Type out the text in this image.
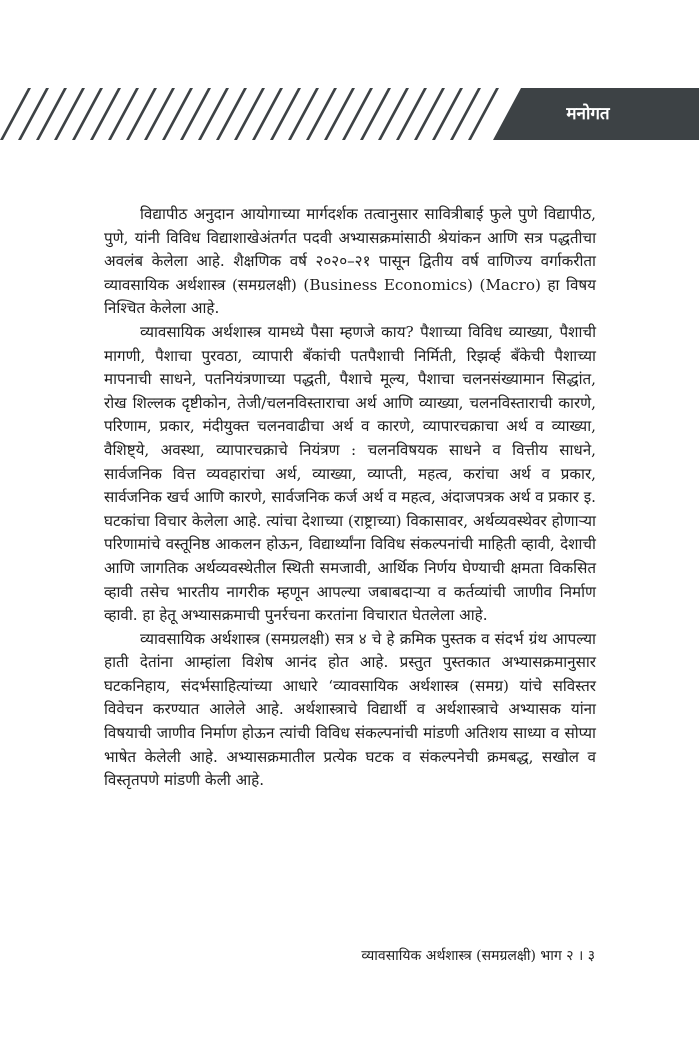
मनोगत

विद्यापीठ अनुदान आयोगाच्या मार्गदर्शक तत्वानुसार सावित्रीबाई फुले पुणे विद्यापीठ, पुणे, यांनी विविध विद्याशाखेअंतर्गत पदवी अभ्यासक्रमांसाठी श्रेयांकन आणि सत्र पद्धतीचा अवलंब केलेला आहे. शैक्षणिक वर्ष २०२०–२१ पासून द्वितीय वर्ष वाणिज्य वर्गाकरीता व्यावसायिक अर्थशास्त्र (समग्रलक्षी) (Business Economics) (Macro) हा विषय निश्चित केलेला आहे.

व्यावसायिक अर्थशास्त्र यामध्ये पैसा म्हणजे काय? पैशाच्या विविध व्याख्या, पैशाची मागणी, पैशाचा पुरवठा, व्यापारी बँकांची पतपैशाची निर्मिती, रिझर्व्ह बँकेची पैशाच्या मापनाची साधने, पतनियंत्रणाच्या पद्धती, पैशाचे मूल्य, पैशाचा चलनसंख्यामान सिद्धांत, रोख शिल्लक दृष्टीकोन, तेजी/चलनविस्ताराचा अर्थ आणि व्याख्या, चलनविस्ताराची कारणे, परिणाम, प्रकार, मंदीयुक्त चलनवाढीचा अर्थ व कारणे, व्यापारचक्राचा अर्थ व व्याख्या, वैशिष्ट्ये, अवस्था, व्यापारचक्राचे नियंत्रण : चलनविषयक साधने व वित्तीय साधने, सार्वजनिक वित्त व्यवहारांचा अर्थ, व्याख्या, व्याप्ती, महत्व, करांचा अर्थ व प्रकार, सार्वजनिक खर्च आणि कारणे, सार्वजनिक कर्ज अर्थ व महत्व, अंदाजपत्रक अर्थ व प्रकार इ. घटकांचा विचार केलेला आहे. त्यांचा देशाच्या (राष्ट्राच्या) विकासावर, अर्थव्यवस्थेवर होणाऱ्या परिणामांचे वस्तूनिष्ठ आकलन होऊन, विद्यार्थ्यांना विविध संकल्पनांची माहिती व्हावी, देशाची आणि जागतिक अर्थव्यवस्थेतील स्थिती समजावी, आर्थिक निर्णय घेण्याची क्षमता विकसित व्हावी तसेच भारतीय नागरीक म्हणून आपल्या जबाबदाऱ्या व कर्तव्यांची जाणीव निर्माण व्हावी. हा हेतू अभ्यासक्रमाची पुनर्रचना करतांना विचारात घेतलेला आहे.

व्यावसायिक अर्थशास्त्र (समग्रलक्षी) सत्र ४ चे हे क्रमिक पुस्तक व संदर्भ ग्रंथ आपल्या हाती देतांना आम्हांला विशेष आनंद होत आहे. प्रस्तुत पुस्तकात अभ्यासक्रमानुसार घटकनिहाय, संदर्भसाहित्यांच्या आधारे ‘व्यावसायिक अर्थशास्त्र (समग्र) यांचे सविस्तर विवेचन करण्यात आलेले आहे. अर्थशास्त्राचे विद्यार्थी व अर्थशास्त्राचे अभ्यासक यांना विषयाची जाणीव निर्माण होऊन त्यांची विविध संकल्पनांची मांडणी अतिशय साध्या व सोप्या भाषेत केलेली आहे. अभ्यासक्रमातील प्रत्येक घटक व संकल्पनेची क्रमबद्ध, सखोल व विस्तृतपणे मांडणी केली आहे.

व्यावसायिक अर्थशास्त्र (समग्रलक्षी) भाग २ । ३
